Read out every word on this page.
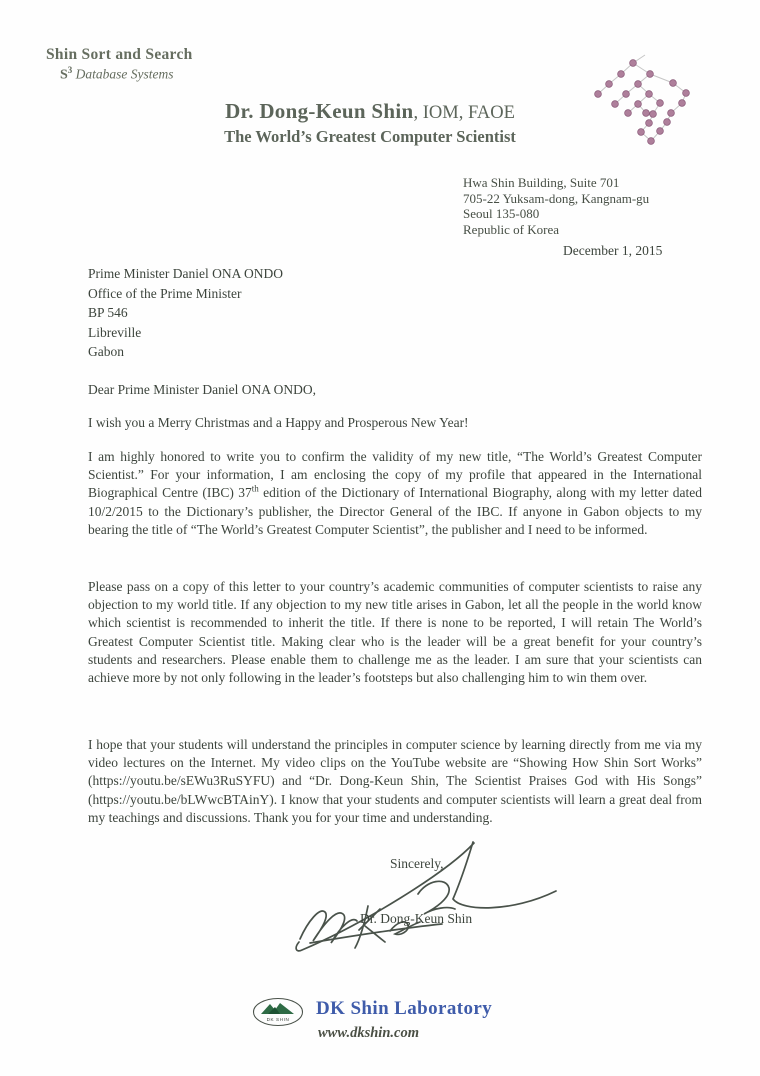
Shin Sort and Search
$S^3$ Database Systems
Dr. Dong-Keun Shin, IOM, FAOE
The World’s Greatest Computer Scientist
Hwa Shin Building, Suite 701
705-22 Yuksam-dong, Kangnam-gu
Seoul 135-080
Republic of Korea
December 1, 2015
Prime Minister Daniel ONA ONDO
Office of the Prime Minister
BP 546
Libreville
Gabon
Dear Prime Minister Daniel ONA ONDO,
I wish you a Merry Christmas and a Happy and Prosperous New Year!
I am highly honored to write you to confirm the validity of my new title, “The World’s Greatest Computer Scientist.” For your information, I am enclosing the copy of my profile that appeared in the International Biographical Centre (IBC) 37th edition of the Dictionary of International Biography, along with my letter dated 10/2/2015 to the Dictionary’s publisher, the Director General of the IBC. If anyone in Gabon objects to my bearing the title of “The World’s Greatest Computer Scientist”, the publisher and I need to be informed.
Please pass on a copy of this letter to your country’s academic communities of computer scientists to raise any objection to my world title. If any objection to my new title arises in Gabon, let all the people in the world know which scientist is recommended to inherit the title. If there is none to be reported, I will retain The World’s Greatest Computer Scientist title. Making clear who is the leader will be a great benefit for your country’s students and researchers. Please enable them to challenge me as the leader. I am sure that your scientists can achieve more by not only following in the leader’s footsteps but also challenging him to win them over.
I hope that your students will understand the principles in computer science by learning directly from me via my video lectures on the Internet. My video clips on the YouTube website are “Showing How Shin Sort Works” (https://youtu.be/sEWu3RuSYFU) and “Dr. Dong-Keun Shin, The Scientist Praises God with His Songs” (https://youtu.be/bLWwcBTAinY). I know that your students and computer scientists will learn a great deal from my teachings and discussions. Thank you for your time and understanding.
Sincerely,
Dr. Dong-Keun Shin
DK SHIN
DK Shin Laboratory
www.dkshin.com
